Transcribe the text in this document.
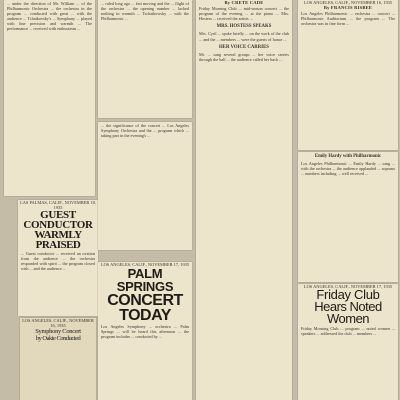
... under the direction of Mr. William ... of the Philharmonic Orchestra ... the orchestra in the program ... conducted with great ... with the audience ... Tchaikovsky's ... Symphony ... played with fine precision and warmth ... The performance ... received with enthusiasm ...
LAS PALMAS, CALIF., NOVEMBER 18, 1935
GUEST CONDUCTOR
WARMLY PRAISED
... Guest conductor ... received an ovation from the audience ... the orchestra responded with spirit ... the program closed with ... and the audience ...
LOS ANGELES, CALIF., NOVEMBER 16, 1935
Symphony Concert
by Oakie Conducted
... ruled long ago ... fast moving and the ... flight of the orchestra ... the opening number ... lacked nothing in warmth ... Tschaikowsky ... with the Philharmonic ...
... the significance of the concert ... Los Angeles Symphony Orchestra and the ... program which ... taking part in the evening's ...
LOS ANGELES, CALIF., NOVEMBER 17, 1935
PALM SPRINGS
CONCERT TODAY
Los Angeles Symphony ... orchestra ... Palm Springs ... will be heard this afternoon ... the program includes ... conducted by ...
By CRETE CADE
Friday Morning Club ... mid-season concert ... the program of the evening ... at the piano ... Mrs. Hostess ... received the artists ...
MRS. HOSTESS SPEAKS
Mrs. Cyril ... spoke briefly ... on the work of the club ... and the ... members ... were the guests of honor ...
HER VOICE CARRIES
Mr. ... sang several groups ... her voice carries through the hall ... the audience called her back ...
LOS ANGELES, CALIF., NOVEMBER 16, 1935
By FRANCIS RISBEE
Los Angeles Philharmonic ... orchestra ... concert ... Philharmonic Auditorium ... the program ... The orchestra was in fine form ...
Emily Hardy with Philharmonic
Los Angeles Philharmonic ... Emily Hardy ... sang ... with the orchestra ... the audience applauded ... soprano ... numbers including ... well received ...
LOS ANGELES, CALIF., NOVEMBER 17, 1935
Friday Club
Hears Noted
Women
Friday Morning Club ... program ... noted women ... speakers ... addressed the club ... members ...
